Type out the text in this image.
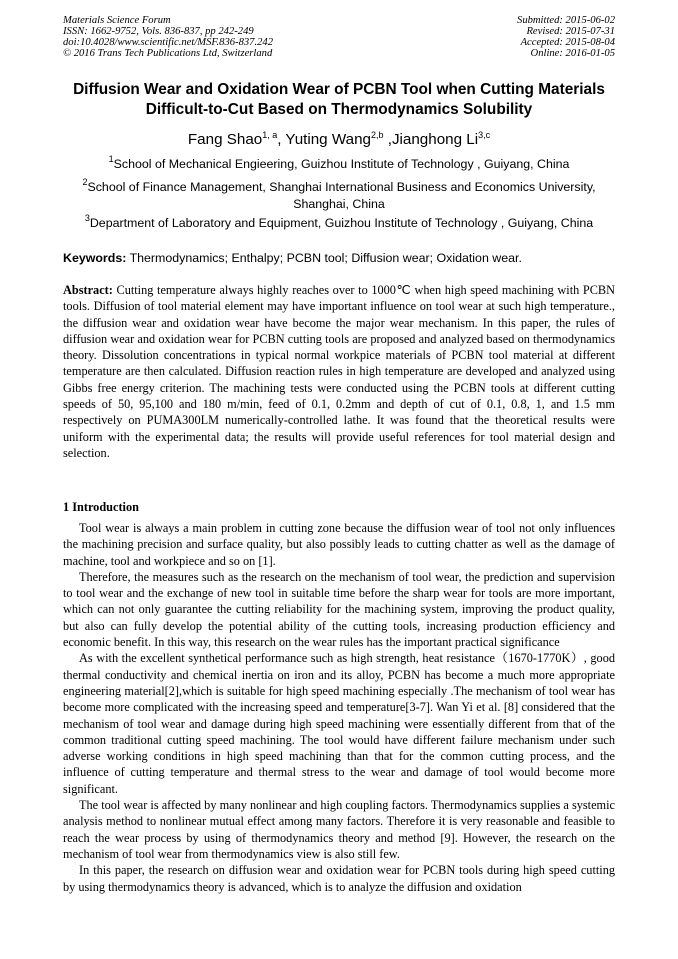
Materials Science Forum
ISSN: 1662-9752, Vols. 836-837, pp 242-249
doi:10.4028/www.scientific.net/MSF.836-837.242
© 2016 Trans Tech Publications Ltd, Switzerland
Submitted: 2015-06-02
Revised: 2015-07-31
Accepted: 2015-08-04
Online: 2016-01-05
Diffusion Wear and Oxidation Wear of PCBN Tool when Cutting Materials Difficult-to-Cut Based on Thermodynamics Solubility
Fang Shao$^{1, a}$, Yuting Wang$^{2,b}$ ,Jianghong Li$^{3,c}$
$^1$School of Mechanical Engieering, Guizhou Institute of Technology , Guiyang, China
$^2$School of Finance Management, Shanghai International Business and Economics University, Shanghai, China
$^3$Department of Laboratory and Equipment, Guizhou Institute of Technology , Guiyang, China
Keywords: Thermodynamics; Enthalpy; PCBN tool; Diffusion wear; Oxidation wear.
Abstract: Cutting temperature always highly reaches over to 1000℃ when high speed machining with PCBN tools. Diffusion of tool material element may have important influence on tool wear at such high temperature., the diffusion wear and oxidation wear have become the major wear mechanism. In this paper, the rules of diffusion wear and oxidation wear for PCBN cutting tools are proposed and analyzed based on thermodynamics theory. Dissolution concentrations in typical normal workpice materials of PCBN tool material at different temperature are then calculated. Diffusion reaction rules in high temperature are developed and analyzed using Gibbs free energy criterion. The machining tests were conducted using the PCBN tools at different cutting speeds of 50, 95,100 and 180 m/min, feed of 0.1, 0.2mm and depth of cut of 0.1, 0.8, 1, and 1.5 mm respectively on PUMA300LM numerically-controlled lathe. It was found that the theoretical results were uniform with the experimental data; the results will provide useful references for tool material design and selection.
1 Introduction

Tool wear is always a main problem in cutting zone because the diffusion wear of tool not only influences the machining precision and surface quality, but also possibly leads to cutting chatter as well as the damage of machine, tool and workpiece and so on [1].

Therefore, the measures such as the research on the mechanism of tool wear, the prediction and supervision to tool wear and the exchange of new tool in suitable time before the sharp wear for tools are more important, which can not only guarantee the cutting reliability for the machining system, improving the product quality, but also can fully develop the potential ability of the cutting tools, increasing production efficiency and economic benefit. In this way, this research on the wear rules has the important practical significance

As with the excellent synthetical performance such as high strength, heat resistance（1670-1770K）, good thermal conductivity and chemical inertia on iron and its alloy, PCBN has become a much more appropriate engineering material[2],which is suitable for high speed machining especially .The mechanism of tool wear has become more complicated with the increasing speed and temperature[3-7]. Wan Yi et al. [8] considered that the mechanism of tool wear and damage during high speed machining were essentially different from that of the common traditional cutting speed machining. The tool would have different failure mechanism under such adverse working conditions in high speed machining than that for the common cutting process, and the influence of cutting temperature and thermal stress to the wear and damage of tool would become more significant.

The tool wear is affected by many nonlinear and high coupling factors. Thermodynamics supplies a systemic analysis method to nonlinear mutual effect among many factors. Therefore it is very reasonable and feasible to reach the wear process by using of thermodynamics theory and method [9]. However, the research on the mechanism of tool wear from thermodynamics view is also still few.

In this paper, the research on diffusion wear and oxidation wear for PCBN tools during high speed cutting by using thermodynamics theory is advanced, which is to analyze the diffusion and oxidation
